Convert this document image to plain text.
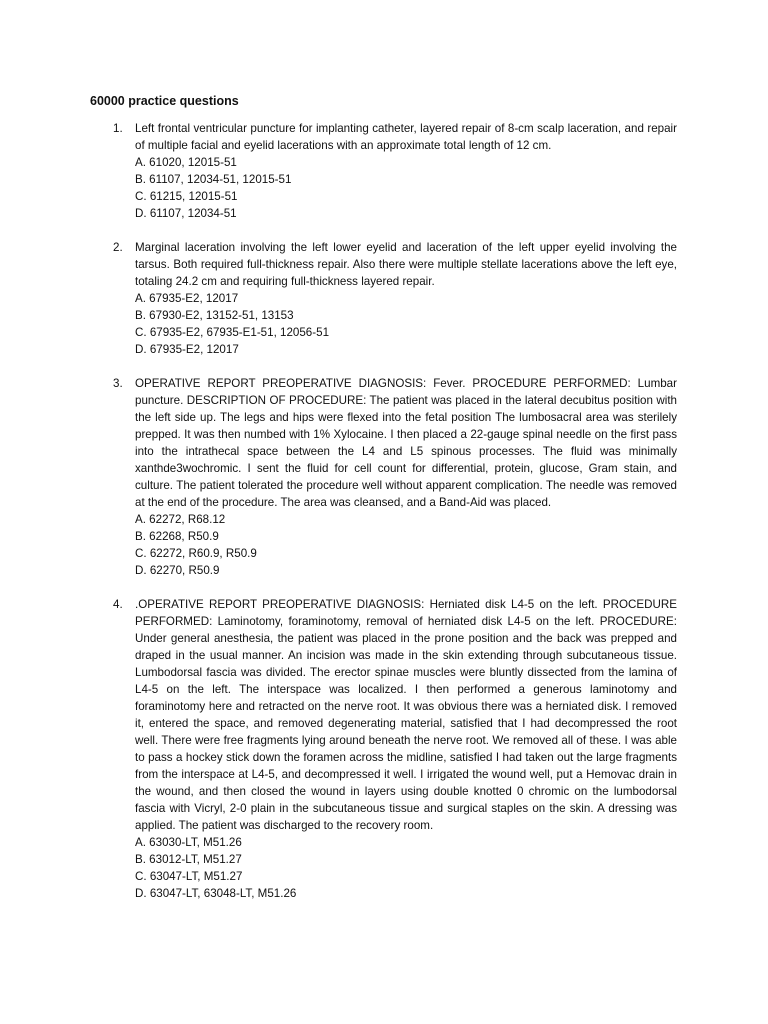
60000 practice questions
1. Left frontal ventricular puncture for implanting catheter, layered repair of 8-cm scalp laceration, and repair of multiple facial and eyelid lacerations with an approximate total length of 12 cm.
A. 61020, 12015-51
B. 61107, 12034-51, 12015-51
C. 61215, 12015-51
D. 61107, 12034-51
2. Marginal laceration involving the left lower eyelid and laceration of the left upper eyelid involving the tarsus. Both required full-thickness repair. Also there were multiple stellate lacerations above the left eye, totaling 24.2 cm and requiring full-thickness layered repair.
A. 67935-E2, 12017
B. 67930-E2, 13152-51, 13153
C. 67935-E2, 67935-E1-51, 12056-51
D. 67935-E2, 12017
3. OPERATIVE REPORT PREOPERATIVE DIAGNOSIS: Fever. PROCEDURE PERFORMED: Lumbar puncture. DESCRIPTION OF PROCEDURE: The patient was placed in the lateral decubitus position with the left side up. The legs and hips were flexed into the fetal position The lumbosacral area was sterilely prepped. It was then numbed with 1% Xylocaine. I then placed a 22-gauge spinal needle on the first pass into the intrathecal space between the L4 and L5 spinous processes. The fluid was minimally xanthde3wochromic. I sent the fluid for cell count for differential, protein, glucose, Gram stain, and culture. The patient tolerated the procedure well without apparent complication. The needle was removed at the end of the procedure. The area was cleansed, and a Band-Aid was placed.
A. 62272, R68.12
B. 62268, R50.9
C. 62272, R60.9, R50.9
D. 62270, R50.9
4. .OPERATIVE REPORT PREOPERATIVE DIAGNOSIS: Herniated disk L4-5 on the left. PROCEDURE PERFORMED: Laminotomy, foraminotomy, removal of herniated disk L4-5 on the left. PROCEDURE: Under general anesthesia, the patient was placed in the prone position and the back was prepped and draped in the usual manner. An incision was made in the skin extending through subcutaneous tissue. Lumbodorsal fascia was divided. The erector spinae muscles were bluntly dissected from the lamina of L4-5 on the left. The interspace was localized. I then performed a generous laminotomy and foraminotomy here and retracted on the nerve root. It was obvious there was a herniated disk. I removed it, entered the space, and removed degenerating material, satisfied that I had decompressed the root well. There were free fragments lying around beneath the nerve root. We removed all of these. I was able to pass a hockey stick down the foramen across the midline, satisfied I had taken out the large fragments from the interspace at L4-5, and decompressed it well. I irrigated the wound well, put a Hemovac drain in the wound, and then closed the wound in layers using double knotted 0 chromic on the lumbodorsal fascia with Vicryl, 2-0 plain in the subcutaneous tissue and surgical staples on the skin. A dressing was applied. The patient was discharged to the recovery room.
A. 63030-LT, M51.26
B. 63012-LT, M51.27
C. 63047-LT, M51.27
D. 63047-LT, 63048-LT, M51.26
